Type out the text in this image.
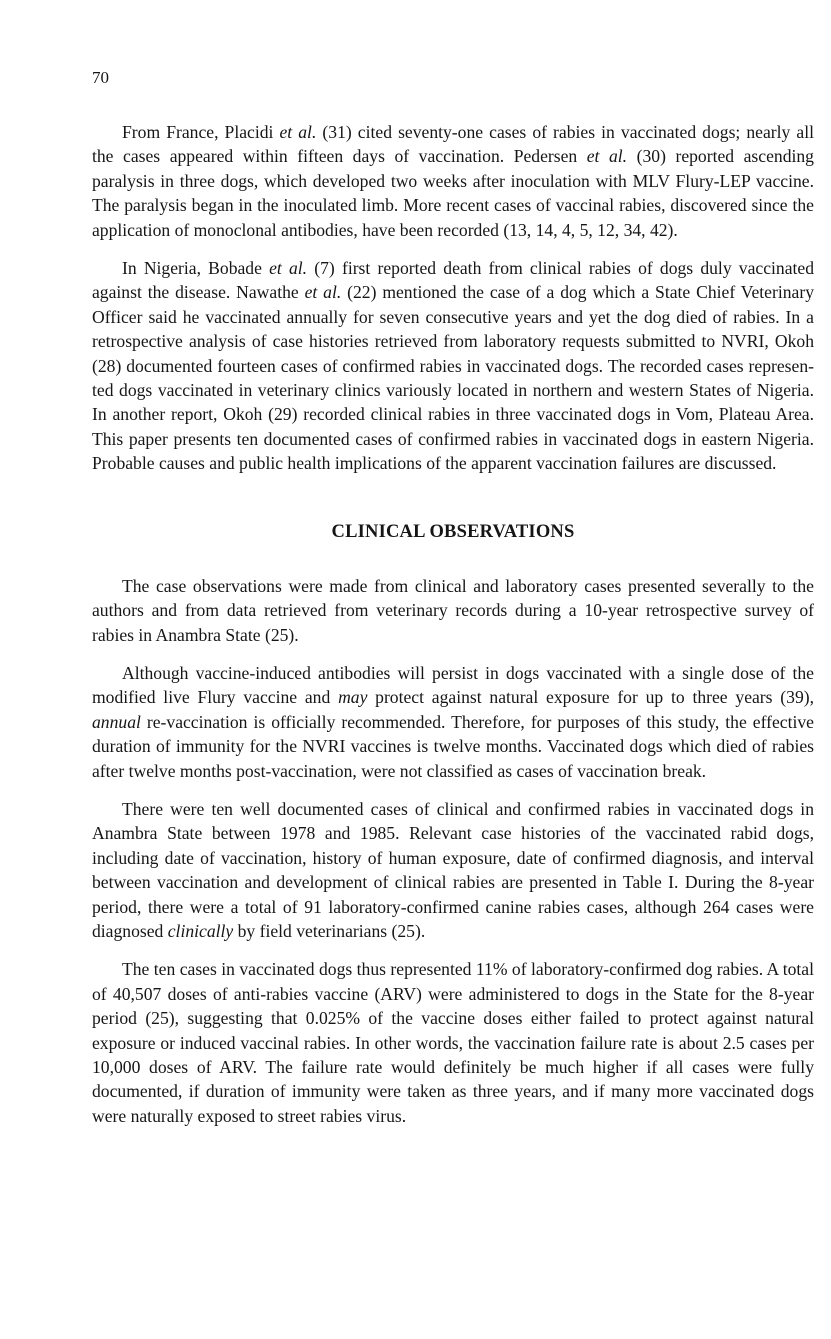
70

From France, Placidi et al. (31) cited seventy-one cases of rabies in vaccinated dogs; nearly all the cases appeared within fifteen days of vaccination. Pedersen et al. (30) reported ascending paralysis in three dogs, which developed two weeks after inoculation with MLV Flury-LEP vaccine. The paralysis began in the inoculated limb. More recent cases of vaccinal rabies, discovered since the application of monoclonal antibodies, have been recorded (13, 14, 4, 5, 12, 34, 42).

In Nigeria, Bobade et al. (7) first reported death from clinical rabies of dogs duly vaccinated against the disease. Nawathe et al. (22) mentioned the case of a dog which a State Chief Veterinary Officer said he vaccinated annually for seven consecutive years and yet the dog died of rabies. In a retrospective analysis of case histories retrieved from laboratory requests submitted to NVRI, Okoh (28) documented fourteen cases of confirmed rabies in vaccinated dogs. The recorded cases represented dogs vaccinated in veterinary clinics variously located in northern and western States of Nigeria. In another report, Okoh (29) recorded clinical rabies in three vaccinated dogs in Vom, Plateau Area. This paper presents ten documented cases of confirmed rabies in vaccinated dogs in eastern Nigeria. Probable causes and public health implications of the apparent vaccination failures are discussed.

CLINICAL OBSERVATIONS

The case observations were made from clinical and laboratory cases presented severally to the authors and from data retrieved from veterinary records during a 10-year retrospective survey of rabies in Anambra State (25).

Although vaccine-induced antibodies will persist in dogs vaccinated with a single dose of the modified live Flury vaccine and may protect against natural exposure for up to three years (39), annual re-vaccination is officially recommended. Therefore, for purposes of this study, the effective duration of immunity for the NVRI vaccines is twelve months. Vaccinated dogs which died of rabies after twelve months post-vaccination, were not classified as cases of vaccination break.

There were ten well documented cases of clinical and confirmed rabies in vaccinated dogs in Anambra State between 1978 and 1985. Relevant case histories of the vaccinated rabid dogs, including date of vaccination, history of human exposure, date of confirmed diagnosis, and interval between vaccination and development of clinical rabies are presented in Table I. During the 8-year period, there were a total of 91 laboratory-confirmed canine rabies cases, although 264 cases were diagnosed clinically by field veterinarians (25).

The ten cases in vaccinated dogs thus represented 11% of laboratory-confirmed dog rabies. A total of 40,507 doses of anti-rabies vaccine (ARV) were administered to dogs in the State for the 8-year period (25), suggesting that 0.025% of the vaccine doses either failed to protect against natural exposure or induced vaccinal rabies. In other words, the vaccination failure rate is about 2.5 cases per 10,000 doses of ARV. The failure rate would definitely be much higher if all cases were fully documented, if duration of immunity were taken as three years, and if many more vaccinated dogs were naturally exposed to street rabies virus.
